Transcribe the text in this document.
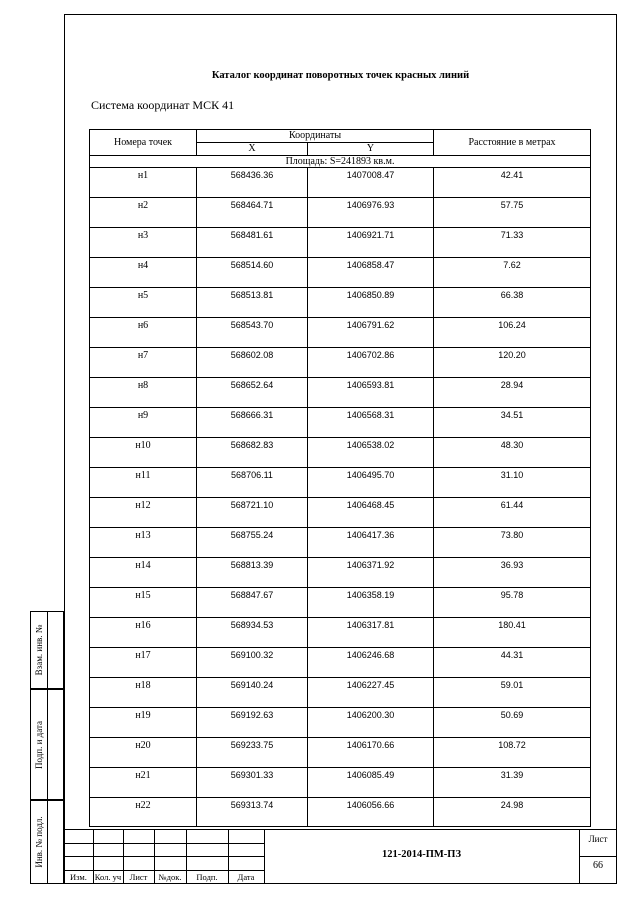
Каталог координат поворотных точек красных линий
Система координат МСК 41
Номера точек	Координаты		Расстояние в метрах
	X	Y	
Площадь: S=241893 кв.м.			
н1	568436.36	1407008.47	42.41
н2	568464.71	1406976.93	57.75
н3	568481.61	1406921.71	71.33
н4	568514.60	1406858.47	7.62
н5	568513.81	1406850.89	66.38
н6	568543.70	1406791.62	106.24
н7	568602.08	1406702.86	120.20
н8	568652.64	1406593.81	28.94
н9	568666.31	1406568.31	34.51
н10	568682.83	1406538.02	48.30
н11	568706.11	1406495.70	31.10
н12	568721.10	1406468.45	61.44
н13	568755.24	1406417.36	73.80
н14	568813.39	1406371.92	36.93
н15	568847.67	1406358.19	95.78
н16	568934.53	1406317.81	180.41
н17	569100.32	1406246.68	44.31
н18	569140.24	1406227.45	59.01
н19	569192.63	1406200.30	50.69
н20	569233.75	1406170.66	108.72
н21	569301.33	1406085.49	31.39
н22	569313.74	1406056.66	24.98
Взам. инв. №
Подп. и дата
Инв. № подл.
Изм. Кол. уч Лист	№док.	Подп.	Дата
121-2014-ПМ-ПЗ
Лист
66
